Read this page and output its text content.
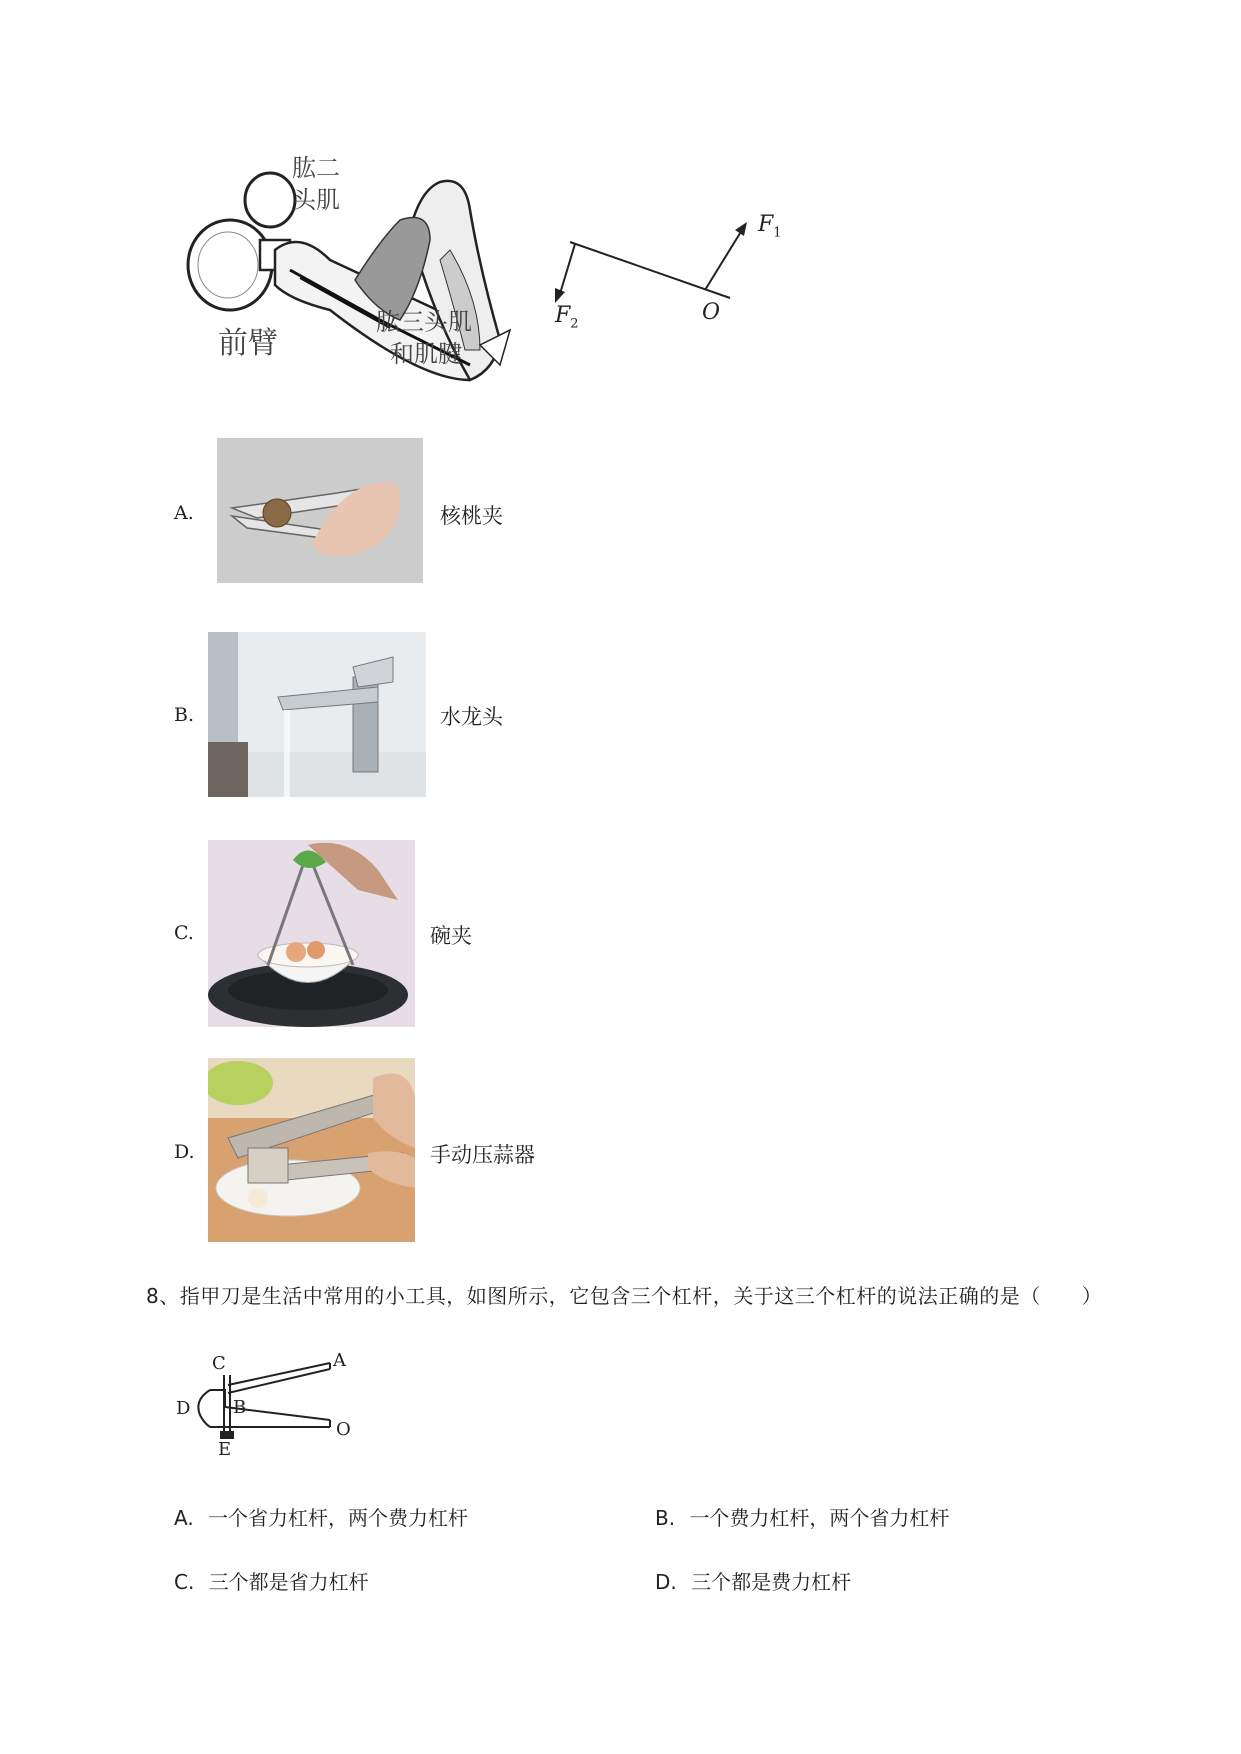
肱二
头肌
肱三头肌
和肌腱
前臂
$F_1$
$F_2$	O
A.	核桃夹
B.	水龙头
C.	碗夹
D.	手动压蒜器
8、指甲刀是生活中常用的小工具，如图所示，它包含三个杠杆，关于这三个杠杆的说法正确的是（　　）
C	A
D B
O
E
A. 一个省力杠杆，两个费力杠杆	B. 一个费力杠杆，两个省力杠杆
C. 三个都是省力杠杆	D. 三个都是费力杠杆
